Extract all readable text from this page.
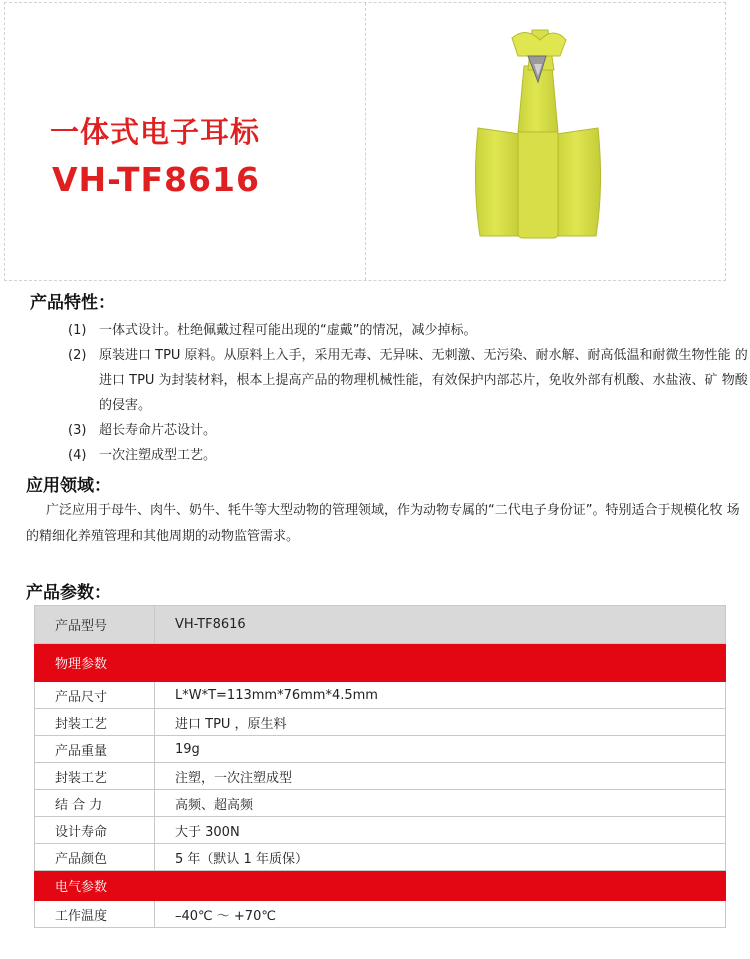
一体式电子耳标
VH-TF8616
产品特性：
(1) 一体式设计。杜绝佩戴过程可能出现的“虚戴”的情况，减少掉标。
(2) 原装进口 TPU 原料。从原料上入手，采用无毒、无异味、无刺激、无污染、耐水解、耐高低温和耐微生物性能 的进口 TPU 为封装材料，根本上提高产品的物理机械性能，有效保护内部芯片，免收外部有机酸、水盐液、矿 物酸的侵害。
(3) 超长寿命片芯设计。
(4) 一次注塑成型工艺。
应用领域：

广泛应用于母牛、肉牛、奶牛、牦牛等大型动物的管理领域，作为动物专属的“二代电子身份证”。特别适合于规模化牧 场的精细化养殖管理和其他周期的动物监管需求。

产品参数：
产品型号	VH-TF8616
物理参数	
产品尺寸	L*W*T=113mm*76mm*4.5mm
封装工艺	进口 TPU ，原生料
产品重量	19g
封装工艺	注塑，一次注塑成型
结 合 力	高频、超高频
设计寿命	大于 300N
产品颜色	5 年（默认 1 年质保）
电气参数	
工作温度	–40℃ ～ +70℃
